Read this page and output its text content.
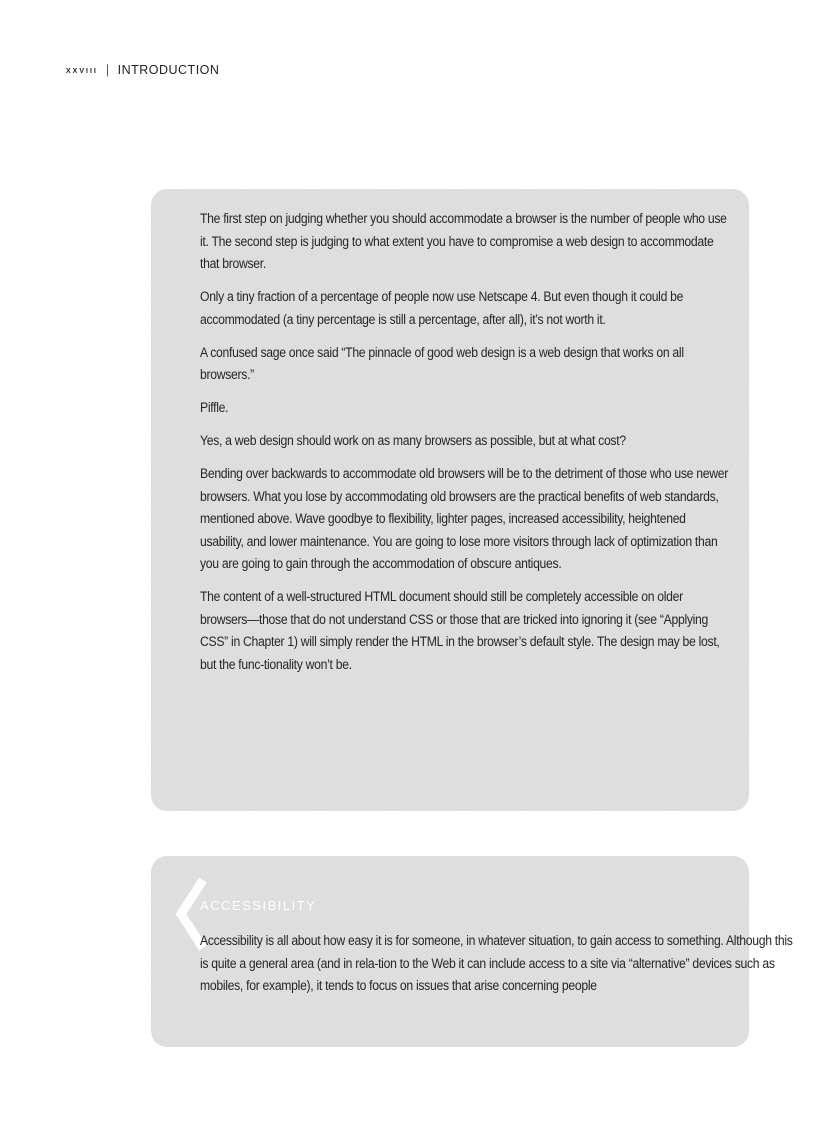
xxviii | INTRODUCTION

The first step on judging whether you should accommodate a browser is the number of people who use it. The second step is judging to what extent you have to compromise a web design to accommodate that browser.

Only a tiny fraction of a percentage of people now use Netscape 4. But even though it could be accommodated (a tiny percentage is still a percentage, after all), it’s not worth it.

A confused sage once said “The pinnacle of good web design is a web design that works on all browsers.”

Piffle.

Yes, a web design should work on as many browsers as possible, but at what cost?

Bending over backwards to accommodate old browsers will be to the detriment of those who use newer browsers. What you lose by accommodating old browsers are the practical benefits of web standards, mentioned above. Wave goodbye to flexibility, lighter pages, increased accessibility, heightened usability, and lower maintenance. You are going to lose more visitors through lack of optimization than you are going to gain through the accommodation of obscure antiques.

The content of a well-structured HTML document should still be completely accessible on older browsers—those that do not understand CSS or those that are tricked into ignoring it (see “Applying CSS” in Chapter 1) will simply render the HTML in the browser’s default style. The design may be lost, but the func-tionality won’t be.

ACCESSIBILITY

Accessibility is all about how easy it is for someone, in whatever situation, to gain access to something. Although this is quite a general area (and in rela-tion to the Web it can include access to a site via “alternative” devices such as mobiles, for example), it tends to focus on issues that arise concerning people
